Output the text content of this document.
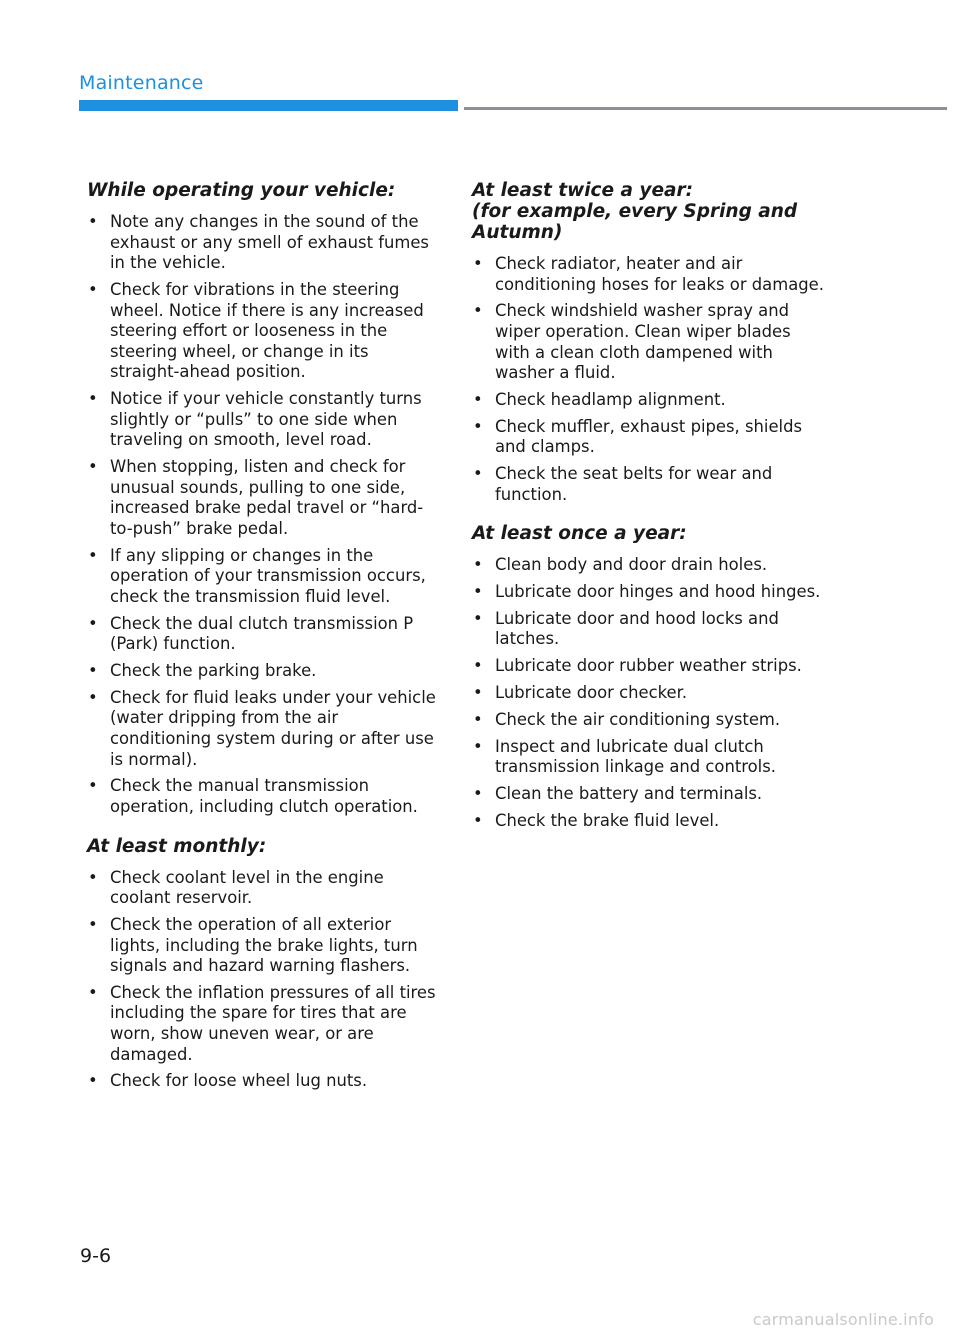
Maintenance
While operating your vehicle:
• Note any changes in the sound of the exhaust or any smell of exhaust fumes in the vehicle.
• Check for vibrations in the steering wheel. Notice if there is any increased steering effort or looseness in the steering wheel, or change in its straight-ahead position.
• Notice if your vehicle constantly turns slightly or “pulls” to one side when traveling on smooth, level road.
• When stopping, listen and check for unusual sounds, pulling to one side, increased brake pedal travel or “hard-to-push” brake pedal.
• If any slipping or changes in the operation of your transmission occurs, check the transmission fluid level.
• Check the dual clutch transmission P (Park) function.
• Check the parking brake.
• Check for fluid leaks under your vehicle (water dripping from the air conditioning system during or after use is normal).
• Check the manual transmission operation, including clutch operation.
At least monthly:
• Check coolant level in the engine coolant reservoir.
• Check the operation of all exterior lights, including the brake lights, turn signals and hazard warning flashers.
• Check the inflation pressures of all tires including the spare for tires that are worn, show uneven wear, or are damaged.
• Check for loose wheel lug nuts.
At least twice a year:
(for example, every Spring and Autumn)
• Check radiator, heater and air conditioning hoses for leaks or damage.
• Check windshield washer spray and wiper operation. Clean wiper blades with a clean cloth dampened with washer a fluid.
• Check headlamp alignment.
• Check muffler, exhaust pipes, shields and clamps.
• Check the seat belts for wear and function.
At least once a year:
• Clean body and door drain holes.
• Lubricate door hinges and hood hinges.
• Lubricate door and hood locks and latches.
• Lubricate door rubber weather strips.
• Lubricate door checker.
• Check the air conditioning system.
• Inspect and lubricate dual clutch transmission linkage and controls.
• Clean the battery and terminals.
• Check the brake fluid level.
9-6
carmanualsonline.info
